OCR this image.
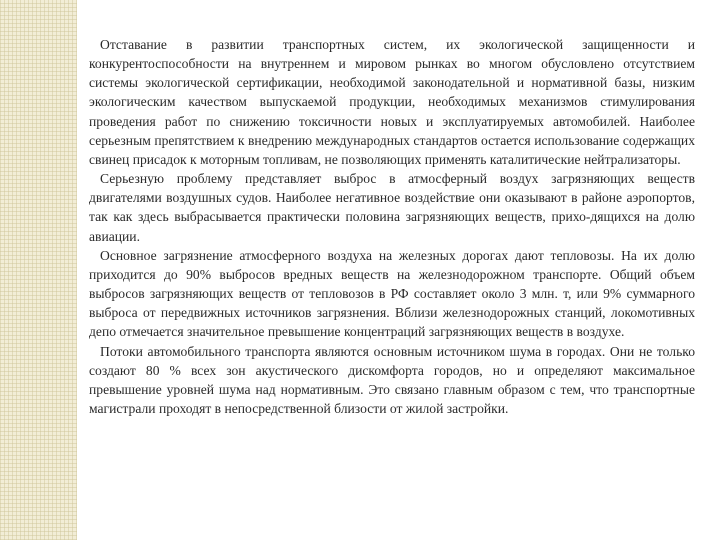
Отставание в развитии транспортных систем, их экологической защищенности и конкурентоспособности на внутреннем и мировом рынках во многом обусловлено отсутствием системы экологической сертификации, необходимой законодательной и нормативной базы, низким экологическим качеством выпускаемой продукции, необходимых механизмов стимулирования проведения работ по снижению токсичности новых и эксплуатируемых автомобилей. Наиболее серьезным препятствием к внедрению международных стандартов остается использование содержащих свинец присадок к моторным топливам, не позволяющих применять каталитические нейтрализаторы.

Серьезную проблему представляет выброс в атмосферный воздух загрязняющих веществ двигателями воздушных судов. Наиболее негативное воздействие они оказывают в районе аэропортов, так как здесь выбрасывается практически половина загрязняющих веществ, прихо-дящихся на долю авиации.

Основное загрязнение атмосферного воздуха на железных дорогах дают тепловозы. На их долю приходится до 90% выбросов вредных веществ на железнодорожном транспорте. Общий объем выбросов загрязняющих веществ от тепловозов в РФ составляет около 3 млн. т, или 9% суммарного выброса от передвижных источников загрязнения. Вблизи железнодорожных станций, локомотивных депо отмечается значительное превышение концентраций загрязняющих веществ в воздухе.

Потоки автомобильного транспорта являются основным источником шума в городах. Они не только создают 80 % всех зон акустического дискомфорта городов, но и определяют максимальное превышение уровней шума над нормативным. Это связано главным образом с тем, что транспортные магистрали проходят в непосредственной близости от жилой застройки.
